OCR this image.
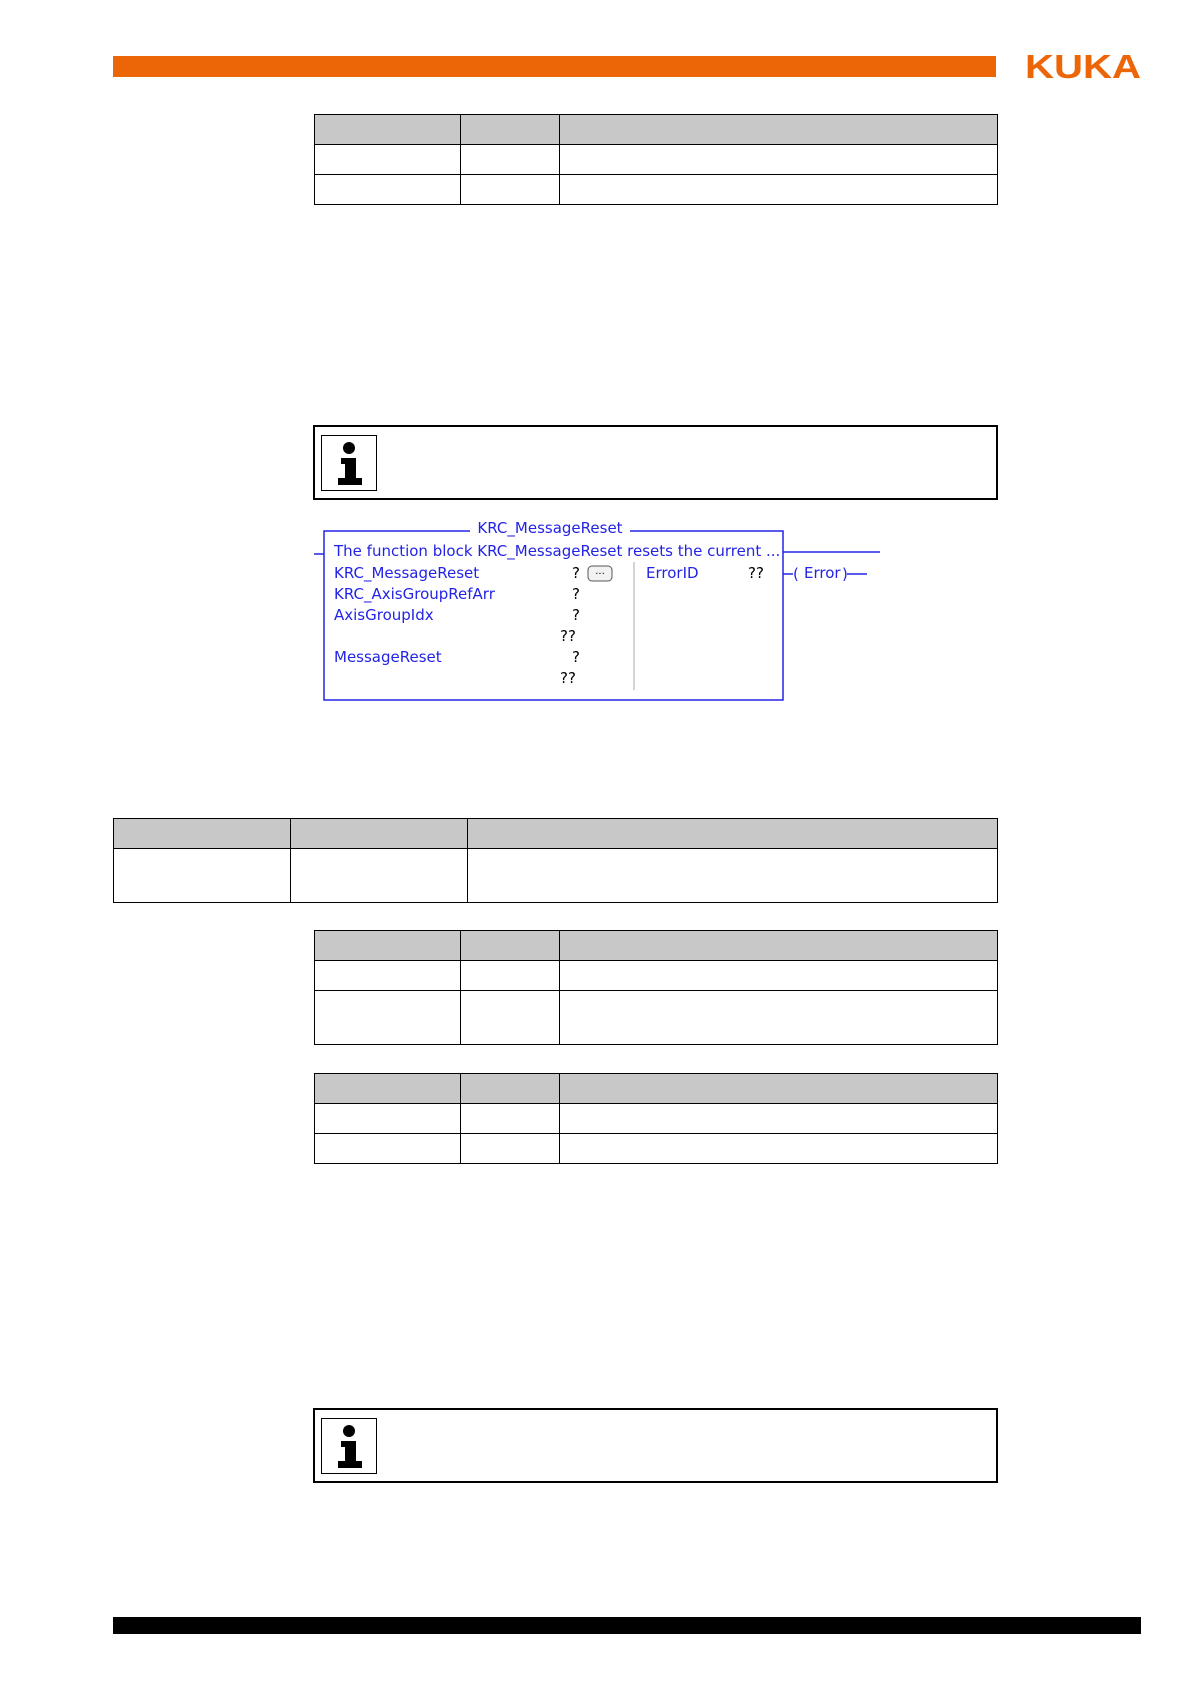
KUKA

(	)
KRC_MessageReset
The function block KRC_MessageReset resets the current ...
KRC_MessageReset	?	...
KRC_AxisGroupRefArr	?
AxisGroupIdx	?
??
MessageReset	?
??
ErrorID	??	Error
